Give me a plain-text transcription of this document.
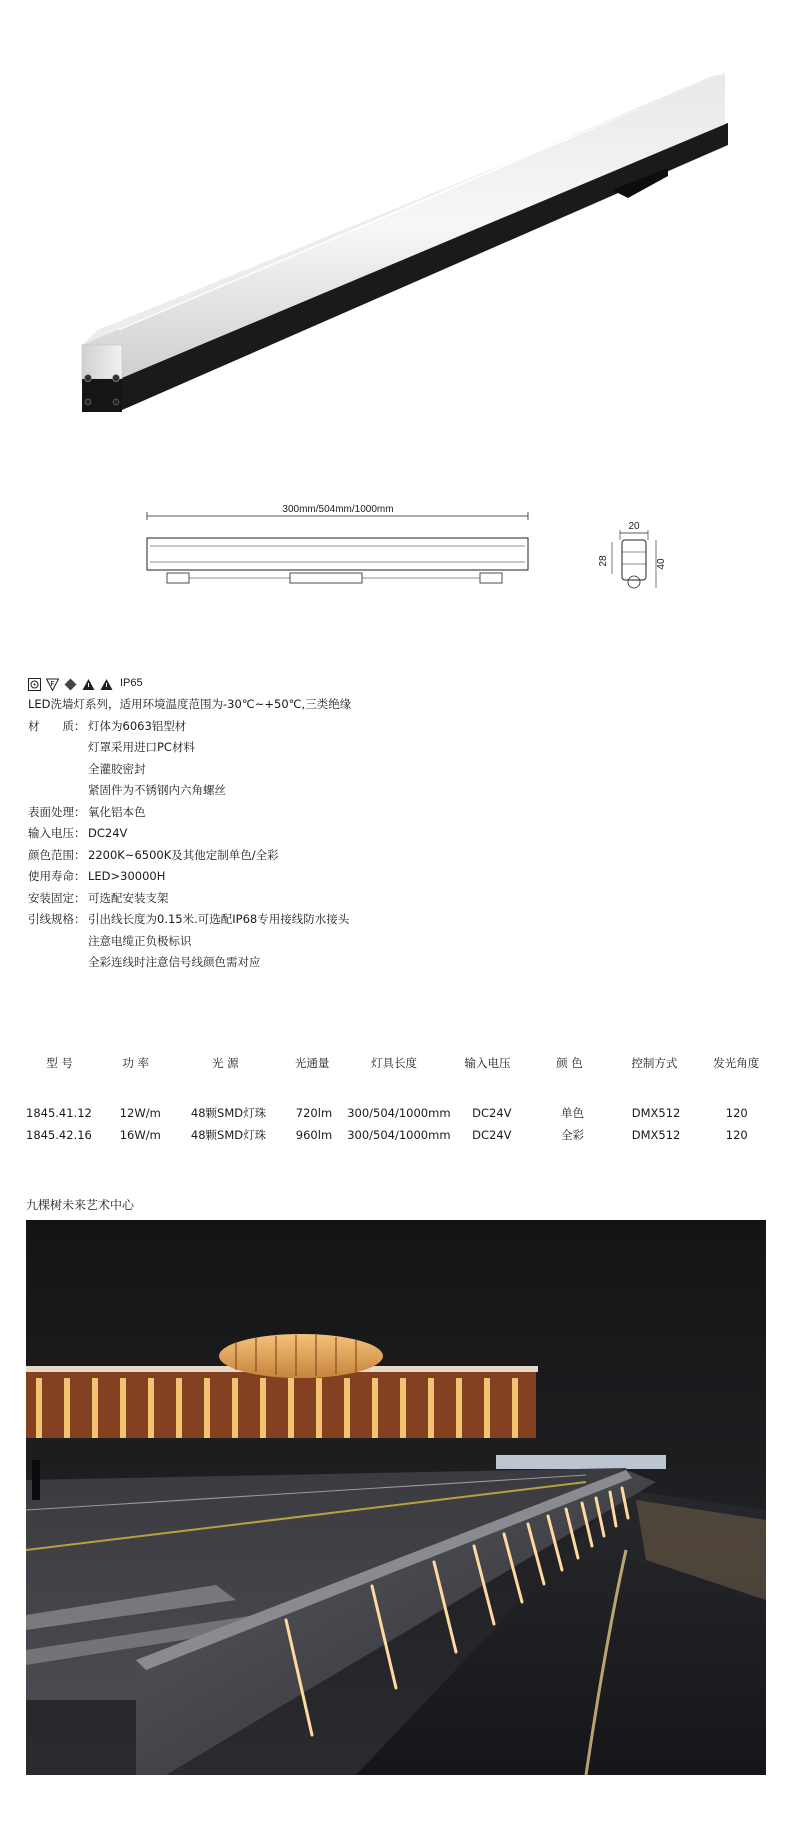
300mm/504mm/1000mm
20
28	40
F	IP65
LED洗墙灯系列，适用环境温度范围为-30℃~+50℃,三类绝缘
材　　质： 灯体为6063铝型材
灯罩采用进口PC材料
全灌胶密封
紧固件为不锈钢内六角螺丝
表面处理： 氧化铝本色
输入电压： DC24V
颜色范围： 2200K~6500K及其他定制单色/全彩
使用寿命： LED>30000H
安装固定： 可选配安装支架
引线规格： 引出线长度为0.15米.可选配IP68专用接线防水接头
注意电缆正负极标识
全彩连线时注意信号线颜色需对应
型 号	功 率	光 源	光通量	灯具长度	输入电压	颜 色	控制方式	发光角度
1845.41.12	12W/m	48颗SMD灯珠	720lm	300/504/1000mm	DC24V	单色	DMX512	120
1845.42.16	16W/m	48颗SMD灯珠	960lm	300/504/1000mm	DC24V	全彩	DMX512	120
九棵树未来艺术中心
